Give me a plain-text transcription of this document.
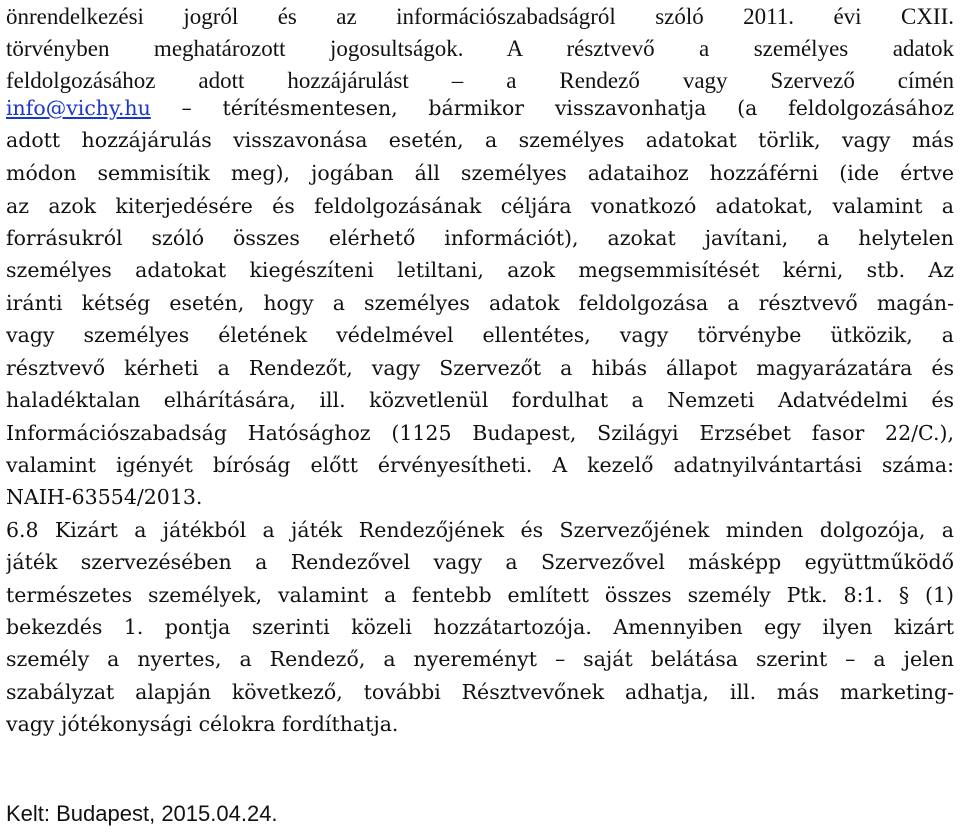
önrendelkezési jogról és az információszabadságról szóló 2011. évi CXII.
törvényben meghatározott jogosultságok. A résztvevő a személyes adatok
feldolgozásához adott hozzájárulást – a Rendező vagy Szervező címén
info@vichy.hu – térítésmentesen, bármikor visszavonhatja (a feldolgozásához
adott hozzájárulás visszavonása esetén, a személyes adatokat törlik, vagy más
módon semmisítik meg), jogában áll személyes adataihoz hozzáférni (ide értve
az azok kiterjedésére és feldolgozásának céljára vonatkozó adatokat, valamint a
forrásukról szóló összes elérhető információt), azokat javítani, a helytelen
személyes adatokat kiegészíteni letiltani, azok megsemmisítését kérni, stb. Az
iránti kétség esetén, hogy a személyes adatok feldolgozása a résztvevő magán-
vagy személyes életének védelmével ellentétes, vagy törvénybe ütközik, a
résztvevő kérheti a Rendezőt, vagy Szervezőt a hibás állapot magyarázatára és
haladéktalan elhárítására, ill. közvetlenül fordulhat a Nemzeti Adatvédelmi és
Információszabadság Hatósághoz (1125 Budapest, Szilágyi Erzsébet fasor 22/C.),
valamint igényét bíróság előtt érvényesítheti. A kezelő adatnyilvántartási száma:
NAIH-63554/2013.
6.8 Kizárt a játékból a játék Rendezőjének és Szervezőjének minden dolgozója, a
játék szervezésében a Rendezővel vagy a Szervezővel másképp együttműködő
természetes személyek, valamint a fentebb említett összes személy Ptk. 8:1. § (1)
bekezdés 1. pontja szerinti közeli hozzátartozója. Amennyiben egy ilyen kizárt
személy a nyertes, a Rendező, a nyereményt – saját belátása szerint – a jelen
szabályzat alapján következő, további Résztvevőnek adhatja, ill. más marketing-
vagy jótékonysági célokra fordíthatja.
Kelt: Budapest, 2015.04.24.
